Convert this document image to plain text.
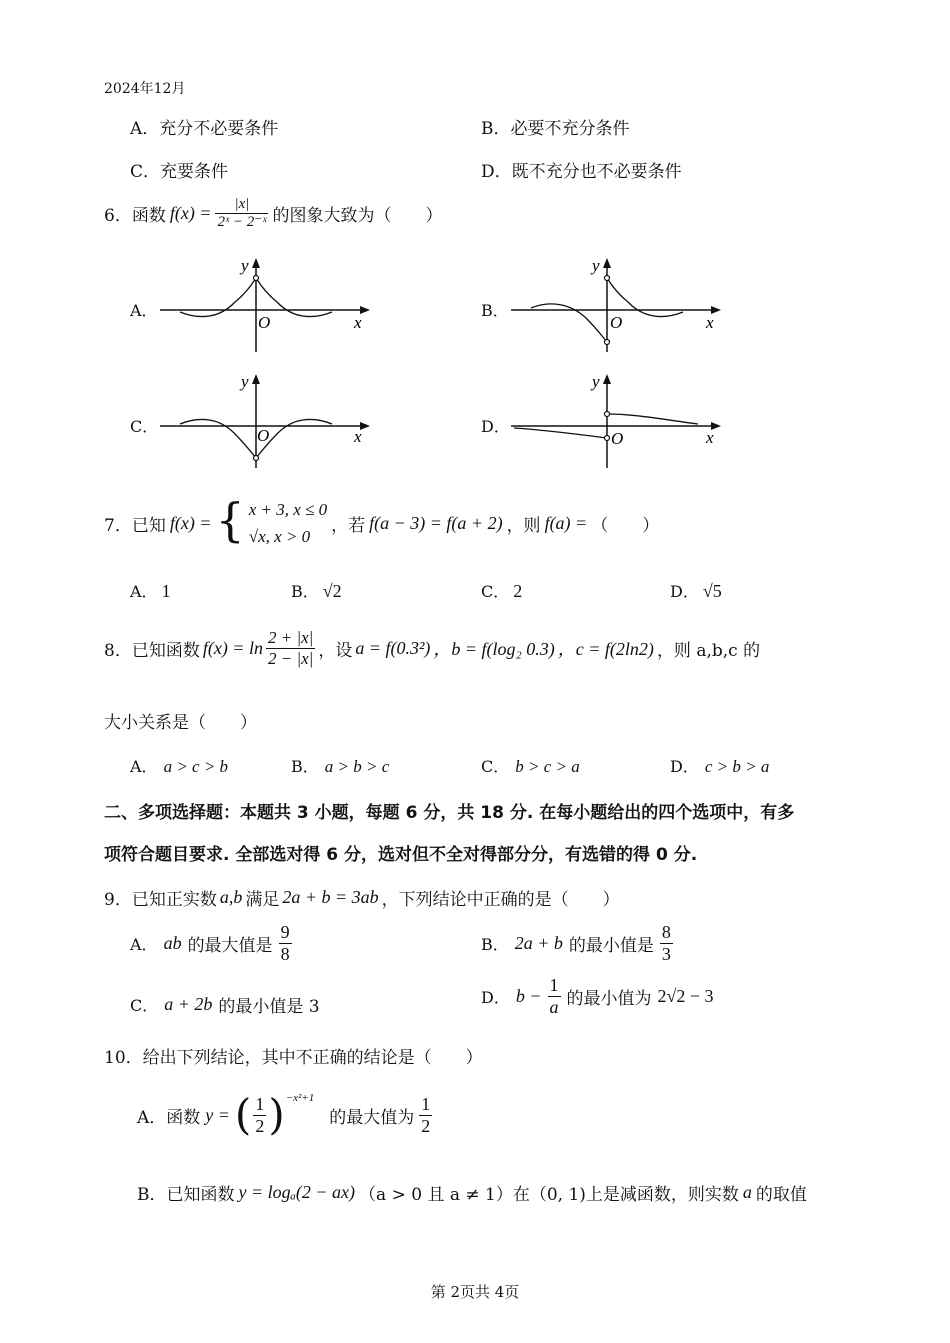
2024年12月
A．充分不必要条件	B．必要不充分条件
C．充要条件	D．既不充分也不必要条件
6．函数 $f(x) = \frac{|x|}{\text{2ˣ − 2⁻ˣ}}$ 的图象大致为（　　）
A．	B．
C．	D．
O	x
y
O	x
y
O	x
y
O	x
y
7．已知 f(x) = { x + 3, x ≤ 0
√x, x > 0
，若 f(a − 3) = f(a + 2) ，则 f(a) = （　　）
A． 1	B． √2	C． 2	D． √5
8．已知函数 $f(x) = \ln \frac{2 + |x|}{2 - |x|}$ ，设 a = f(0.3²) ，b = f(log₂ 0.3) ，c = f(2ln2) ，则 a,b,c 的
大小关系是（　　）
A． a > c > b	B． a > b > c	C． b > c > a	D． c > b > a
二、多项选择题：本题共 3 小题，每题 6 分，共 18 分. 在每小题给出的四个选项中，有多
项符合题目要求. 全部选对得 6 分，选对但不全对得部分分，有选错的得 0 分.
9．已知正实数 a,b 满足 2a + b = 3ab ，下列结论中正确的是（　　）
A． ab 的最大值是 $\frac{9}{8}$	B． 2a + b 的最小值是 $\frac{8}{3}$
C． a + 2b 的最小值是 3	D． $b - \frac{1}{a}$ 的最小值为 2√2 − 3
10．给出下列结论，其中不正确的结论是（　　）
A．函数 y = ( $\frac{1}{2}$ ) −x²+1
的最大值为 $\frac{1}{2}$
B．已知函数 y = logₐ(2 − ax) （a > 0 且 a ≠ 1）在（0, 1)上是减函数，则实数 a 的取值
第 2页共 4页
